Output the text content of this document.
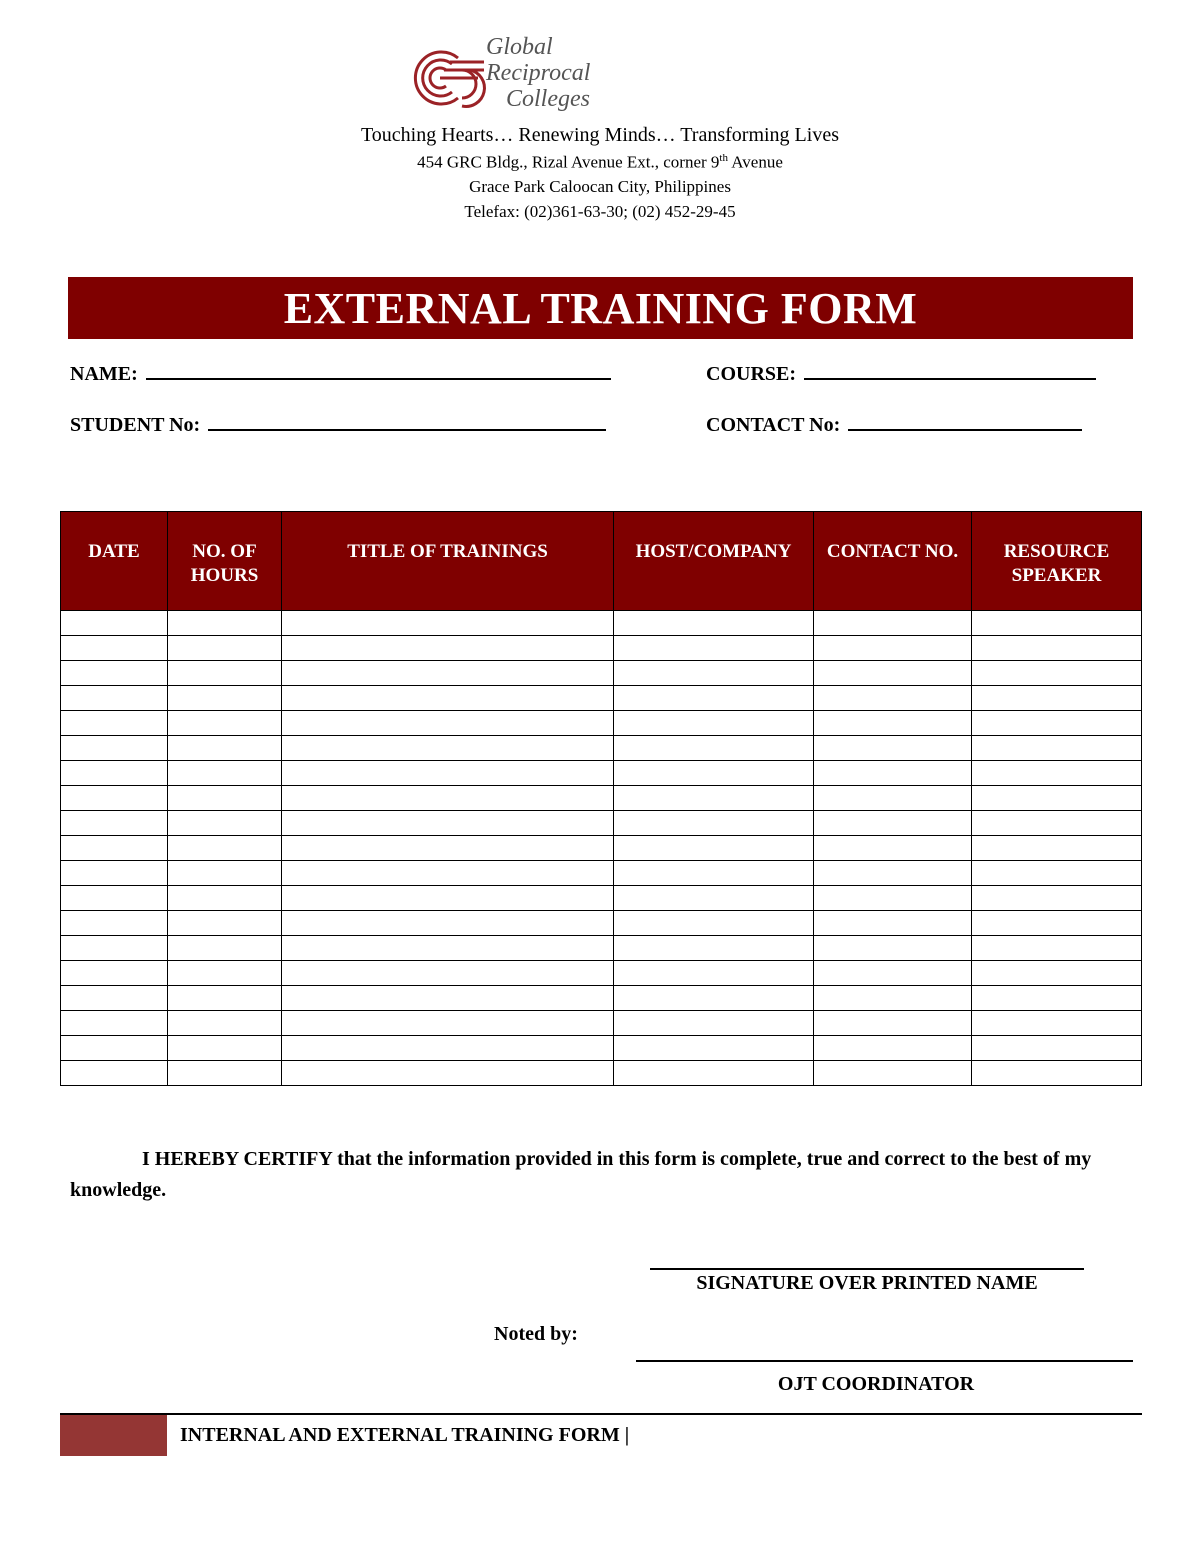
Global
Reciprocal
Colleges
Touching Hearts… Renewing Minds… Transforming Lives
454 GRC Bldg., Rizal Avenue Ext., corner 9th Avenue
Grace Park Caloocan City, Philippines
Telefax: (02)361-63-30; (02) 452-29-45
EXTERNAL TRAINING FORM
NAME:	COURSE:
STUDENT No:	CONTACT No:
DATE	NO. OF HOURS	TITLE OF TRAININGS	HOST/COMPANY	CONTACT NO.	RESOURCE SPEAKER

I HEREBY CERTIFY that the information provided in this form is complete, true and correct to the best of my knowledge.
SIGNATURE OVER PRINTED NAME
Noted by:
OJT COORDINATOR
INTERNAL AND EXTERNAL TRAINING FORM |
